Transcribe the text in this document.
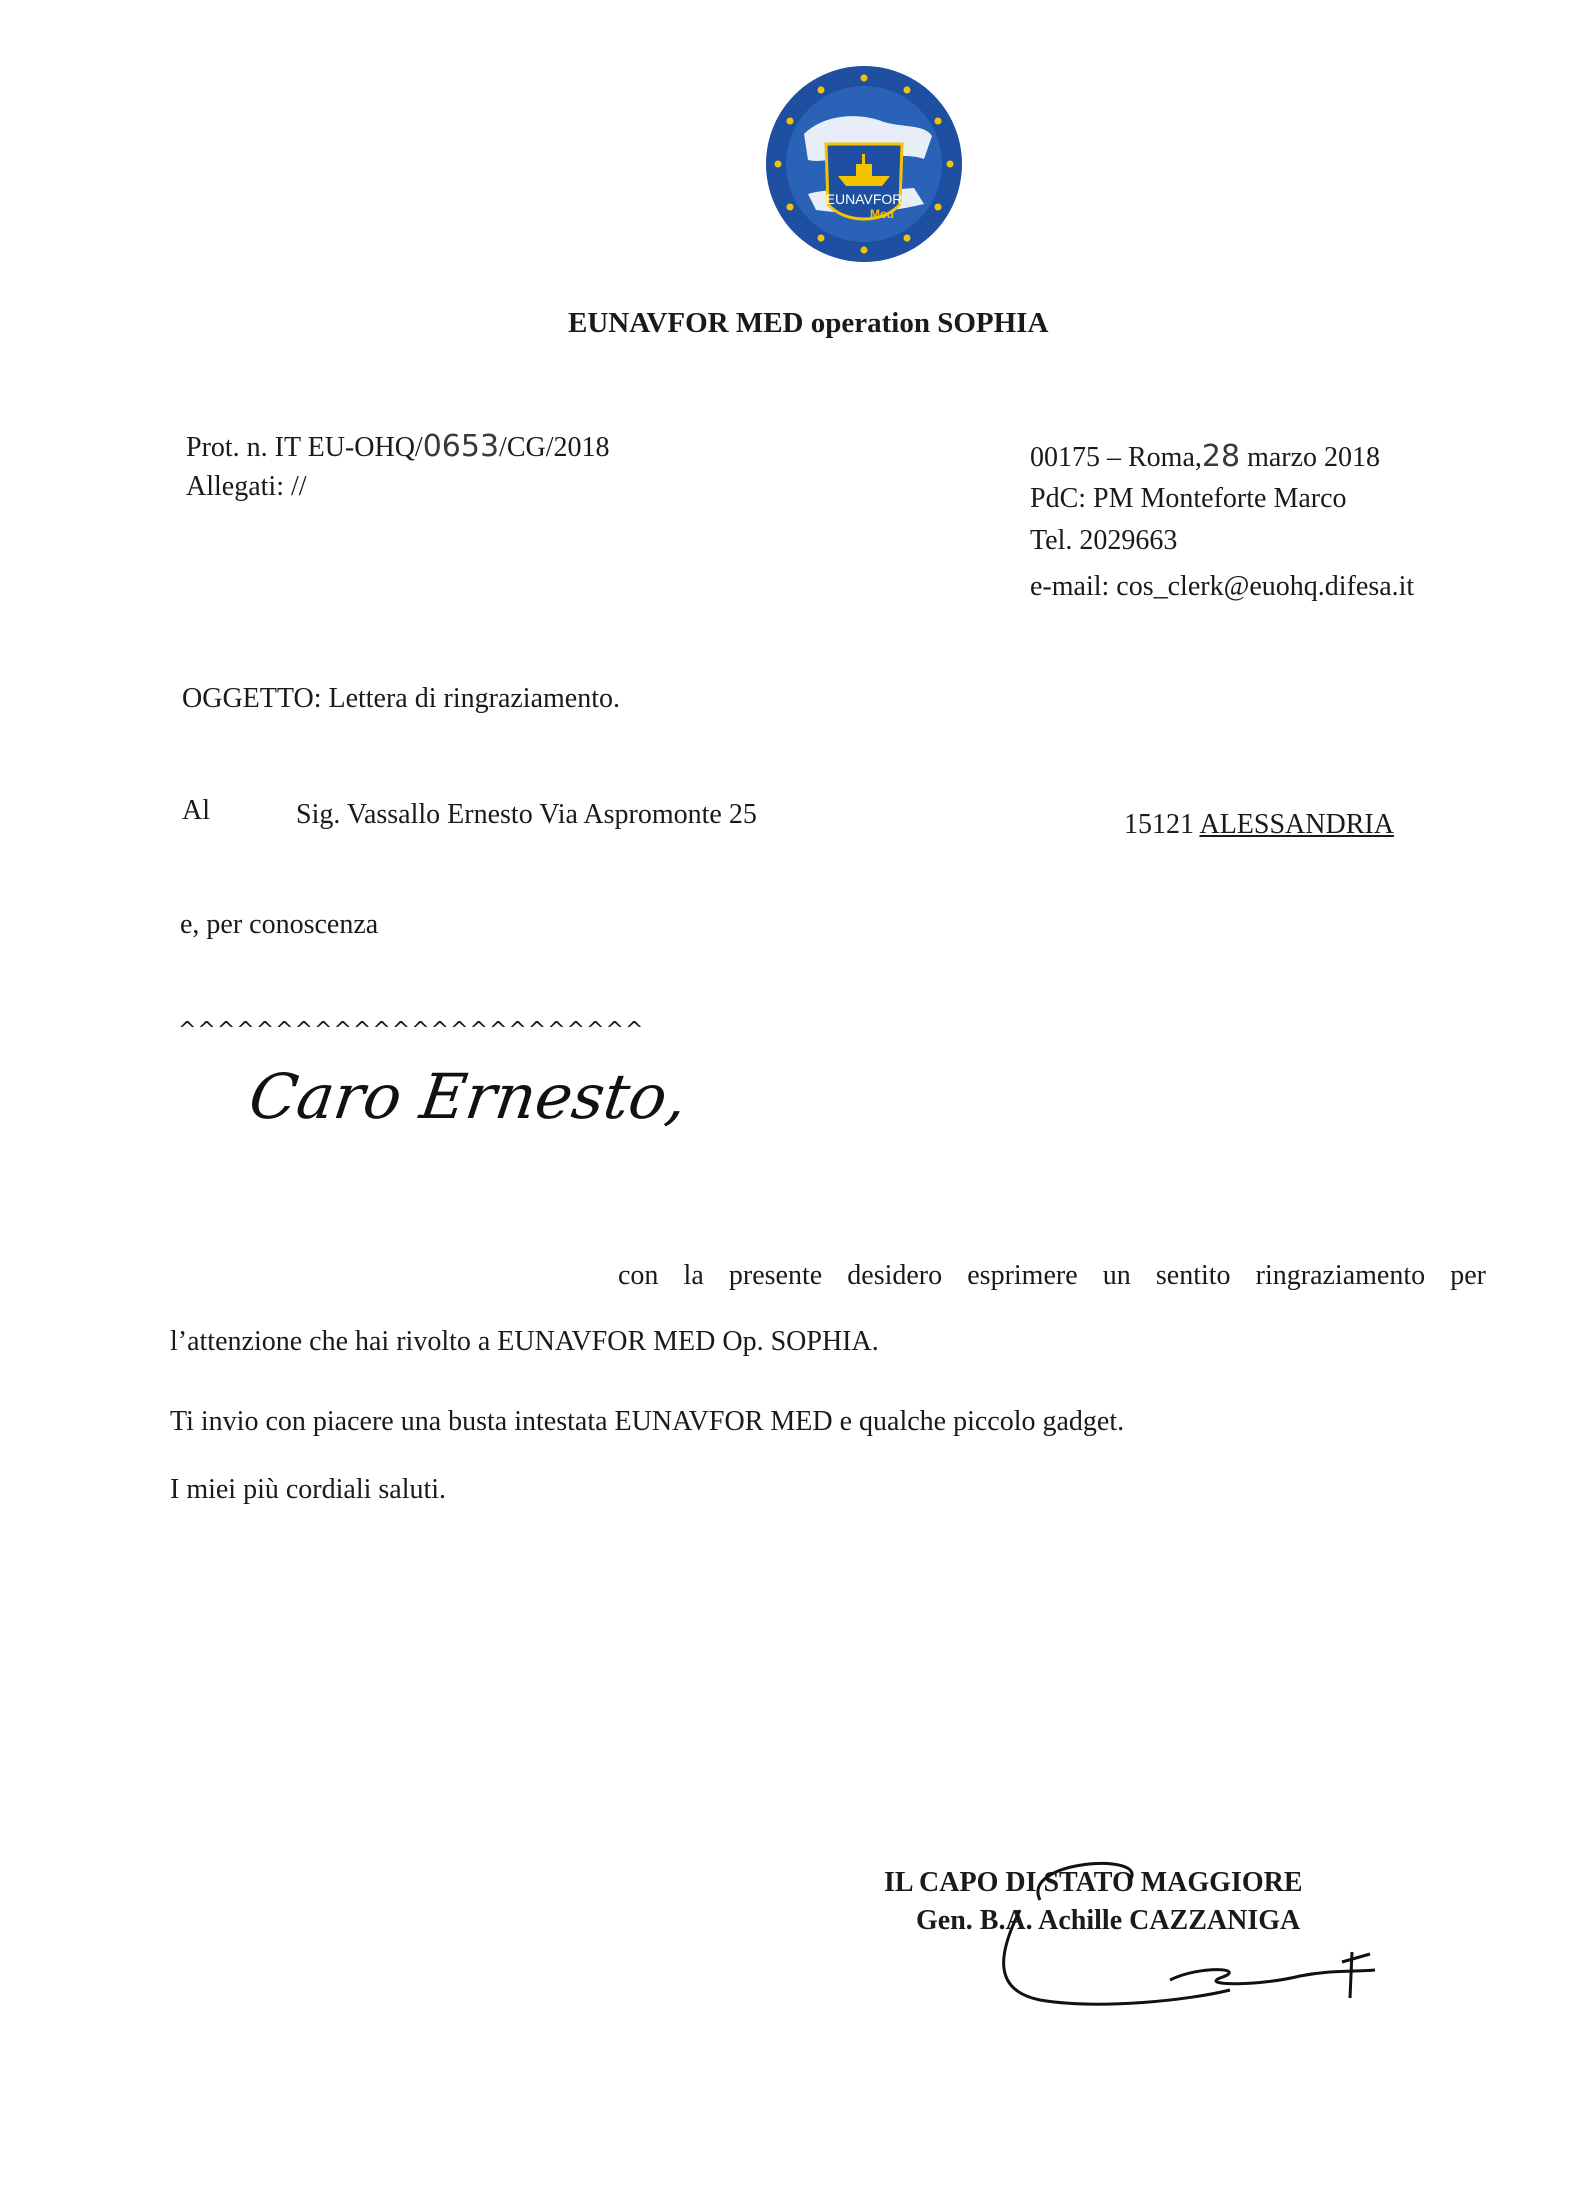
EUNAVFOR
Med
EUNAVFOR MED operation SOPHIA
Prot. n. IT EU-OHQ/0653/CG/2018
Allegati: //
00175 – Roma,28 marzo 2018
PdC: PM Monteforte Marco
Tel. 2029663
e-mail: cos_clerk@euohq.difesa.it
OGGETTO: Lettera di ringraziamento.
Al	Sig. Vassallo Ernesto Via Aspromonte 25	15121 ALESSANDRIA
e, per conoscenza
^^^^^^^^^^^^^^^^^^^^^^^^
Caro Ernesto,
con la presente desidero esprimere un sentito ringraziamento per
l’attenzione che hai rivolto a EUNAVFOR MED Op. SOPHIA.
Ti invio con piacere una busta intestata EUNAVFOR MED e qualche piccolo gadget.
I miei più cordiali saluti.
IL CAPO DI STATO MAGGIORE
Gen. B.A. Achille CAZZANIGA
